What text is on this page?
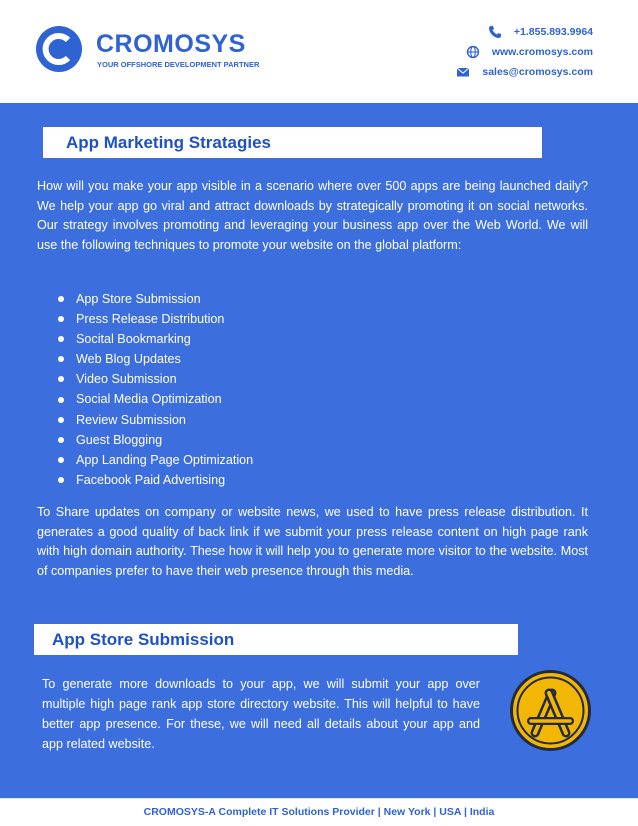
CROMOSYS
YOUR OFFSHORE DEVELOPMENT PARTNER
+1.855.893.9964
www.cromosys.com
sales@cromosys.com
App Marketing Stratagies

How will you make your app visible in a scenario where over 500 apps are being launched daily? We help your app go viral and attract downloads by strategically promoting it on social networks. Our strategy involves promoting and leveraging your business app over the Web World. We will use the following techniques to promote your website on the global platform:

App Store Submission
Press Release Distribution
Socital Bookmarking
Web Blog Updates
Video Submission
Social Media Optimization
Review Submission
Guest Blogging
App Landing Page Optimization
Facebook Paid Advertising

To Share updates on company or website news, we used to have press release distribution. It generates a good quality of back link if we submit your press release content on high page rank with high domain authority. These how it will help you to generate more visitor to the website. Most of companies prefer to have their web presence through this media.

App Store Submission

To generate more downloads to your app, we will submit your app over multiple high page rank app store directory website. This will helpful to have better app presence. For these, we will need all details about your app and app related website.

CROMOSYS-A Complete IT Solutions Provider | New York | USA | India
